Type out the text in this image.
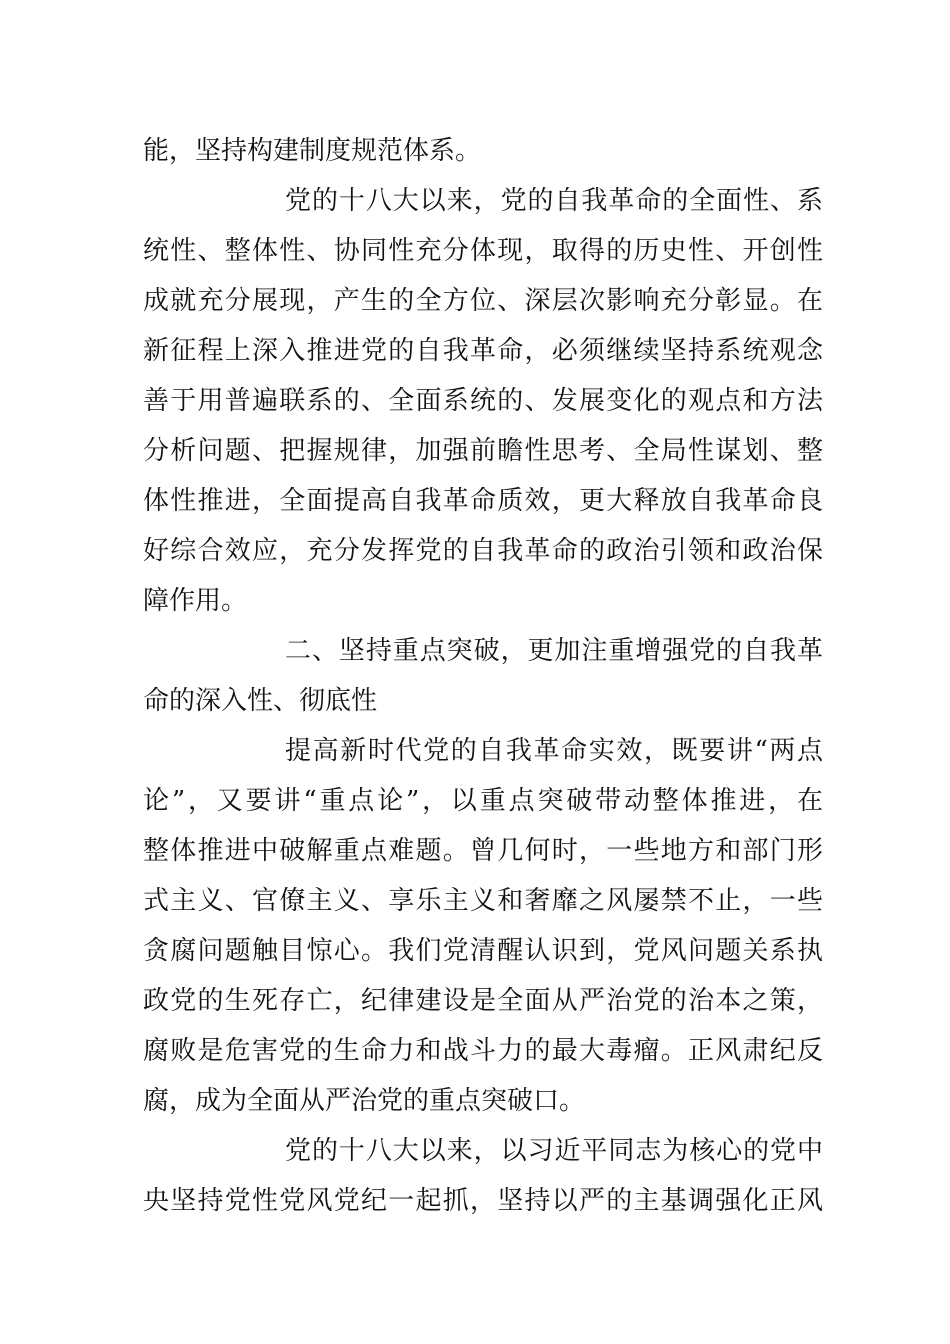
能，坚持构建制度规范体系。
党的十八大以来，党的自我革命的全面性、系
统性、整体性、协同性充分体现，取得的历史性、开创性
成就充分展现，产生的全方位、深层次影响充分彰显。在
新征程上深入推进党的自我革命，必须继续坚持系统观念
善于用普遍联系的、全面系统的、发展变化的观点和方法
分析问题、把握规律，加强前瞻性思考、全局性谋划、整
体性推进，全面提高自我革命质效，更大释放自我革命良
好综合效应，充分发挥党的自我革命的政治引领和政治保
障作用。
二、坚持重点突破，更加注重增强党的自我革
命的深入性、彻底性
提高新时代党的自我革命实效，既要讲“两点
论”，又要讲“重点论”，以重点突破带动整体推进，在
整体推进中破解重点难题。曾几何时，一些地方和部门形
式主义、官僚主义、享乐主义和奢靡之风屡禁不止，一些
贪腐问题触目惊心。我们党清醒认识到，党风问题关系执
政党的生死存亡，纪律建设是全面从严治党的治本之策，
腐败是危害党的生命力和战斗力的最大毒瘤。正风肃纪反
腐，成为全面从严治党的重点突破口。
党的十八大以来，以习近平同志为核心的党中
央坚持党性党风党纪一起抓，坚持以严的主基调强化正风
